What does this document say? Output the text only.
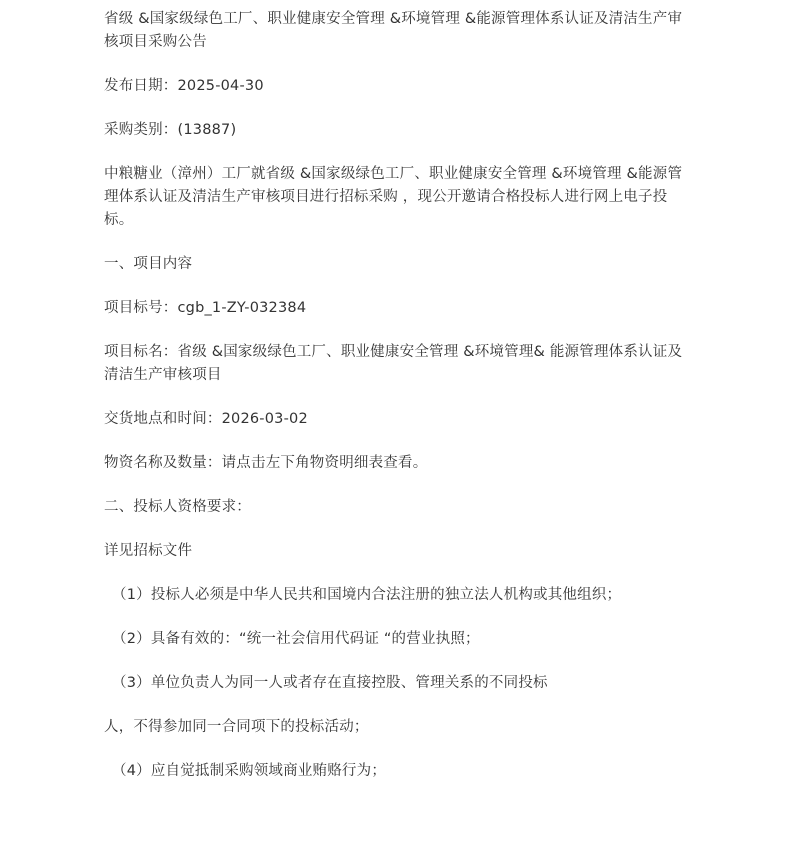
省级 &国家级绿色工厂、职业健康安全管理 &环境管理 &能源管理体系认证及清洁生产审核项目采购公告

发布日期：2025-04-30

采购类别：(13887)

中粮糖业（漳州）工厂就省级 &国家级绿色工厂、职业健康安全管理 &环境管理 &能源管理体系认证及清洁生产审核项目进行招标采购 ，现公开邀请合格投标人进行网上电子投标。

一、项目内容

项目标号：cgb_1-ZY-032384

项目标名：省级 &国家级绿色工厂、职业健康安全管理 &环境管理& 能源管理体系认证及清洁生产审核项目

交货地点和时间：2026-03-02

物资名称及数量：请点击左下角物资明细表查看。

二、投标人资格要求：

详见招标文件

（1）投标人必须是中华人民共和国境内合法注册的独立法人机构或其他组织；

（2）具备有效的：“统一社会信用代码证 “的营业执照；

（3）单位负责人为同一人或者存在直接控股、管理关系的不同投标

人，不得参加同一合同项下的投标活动；

（4）应自觉抵制采购领域商业贿赂行为；
